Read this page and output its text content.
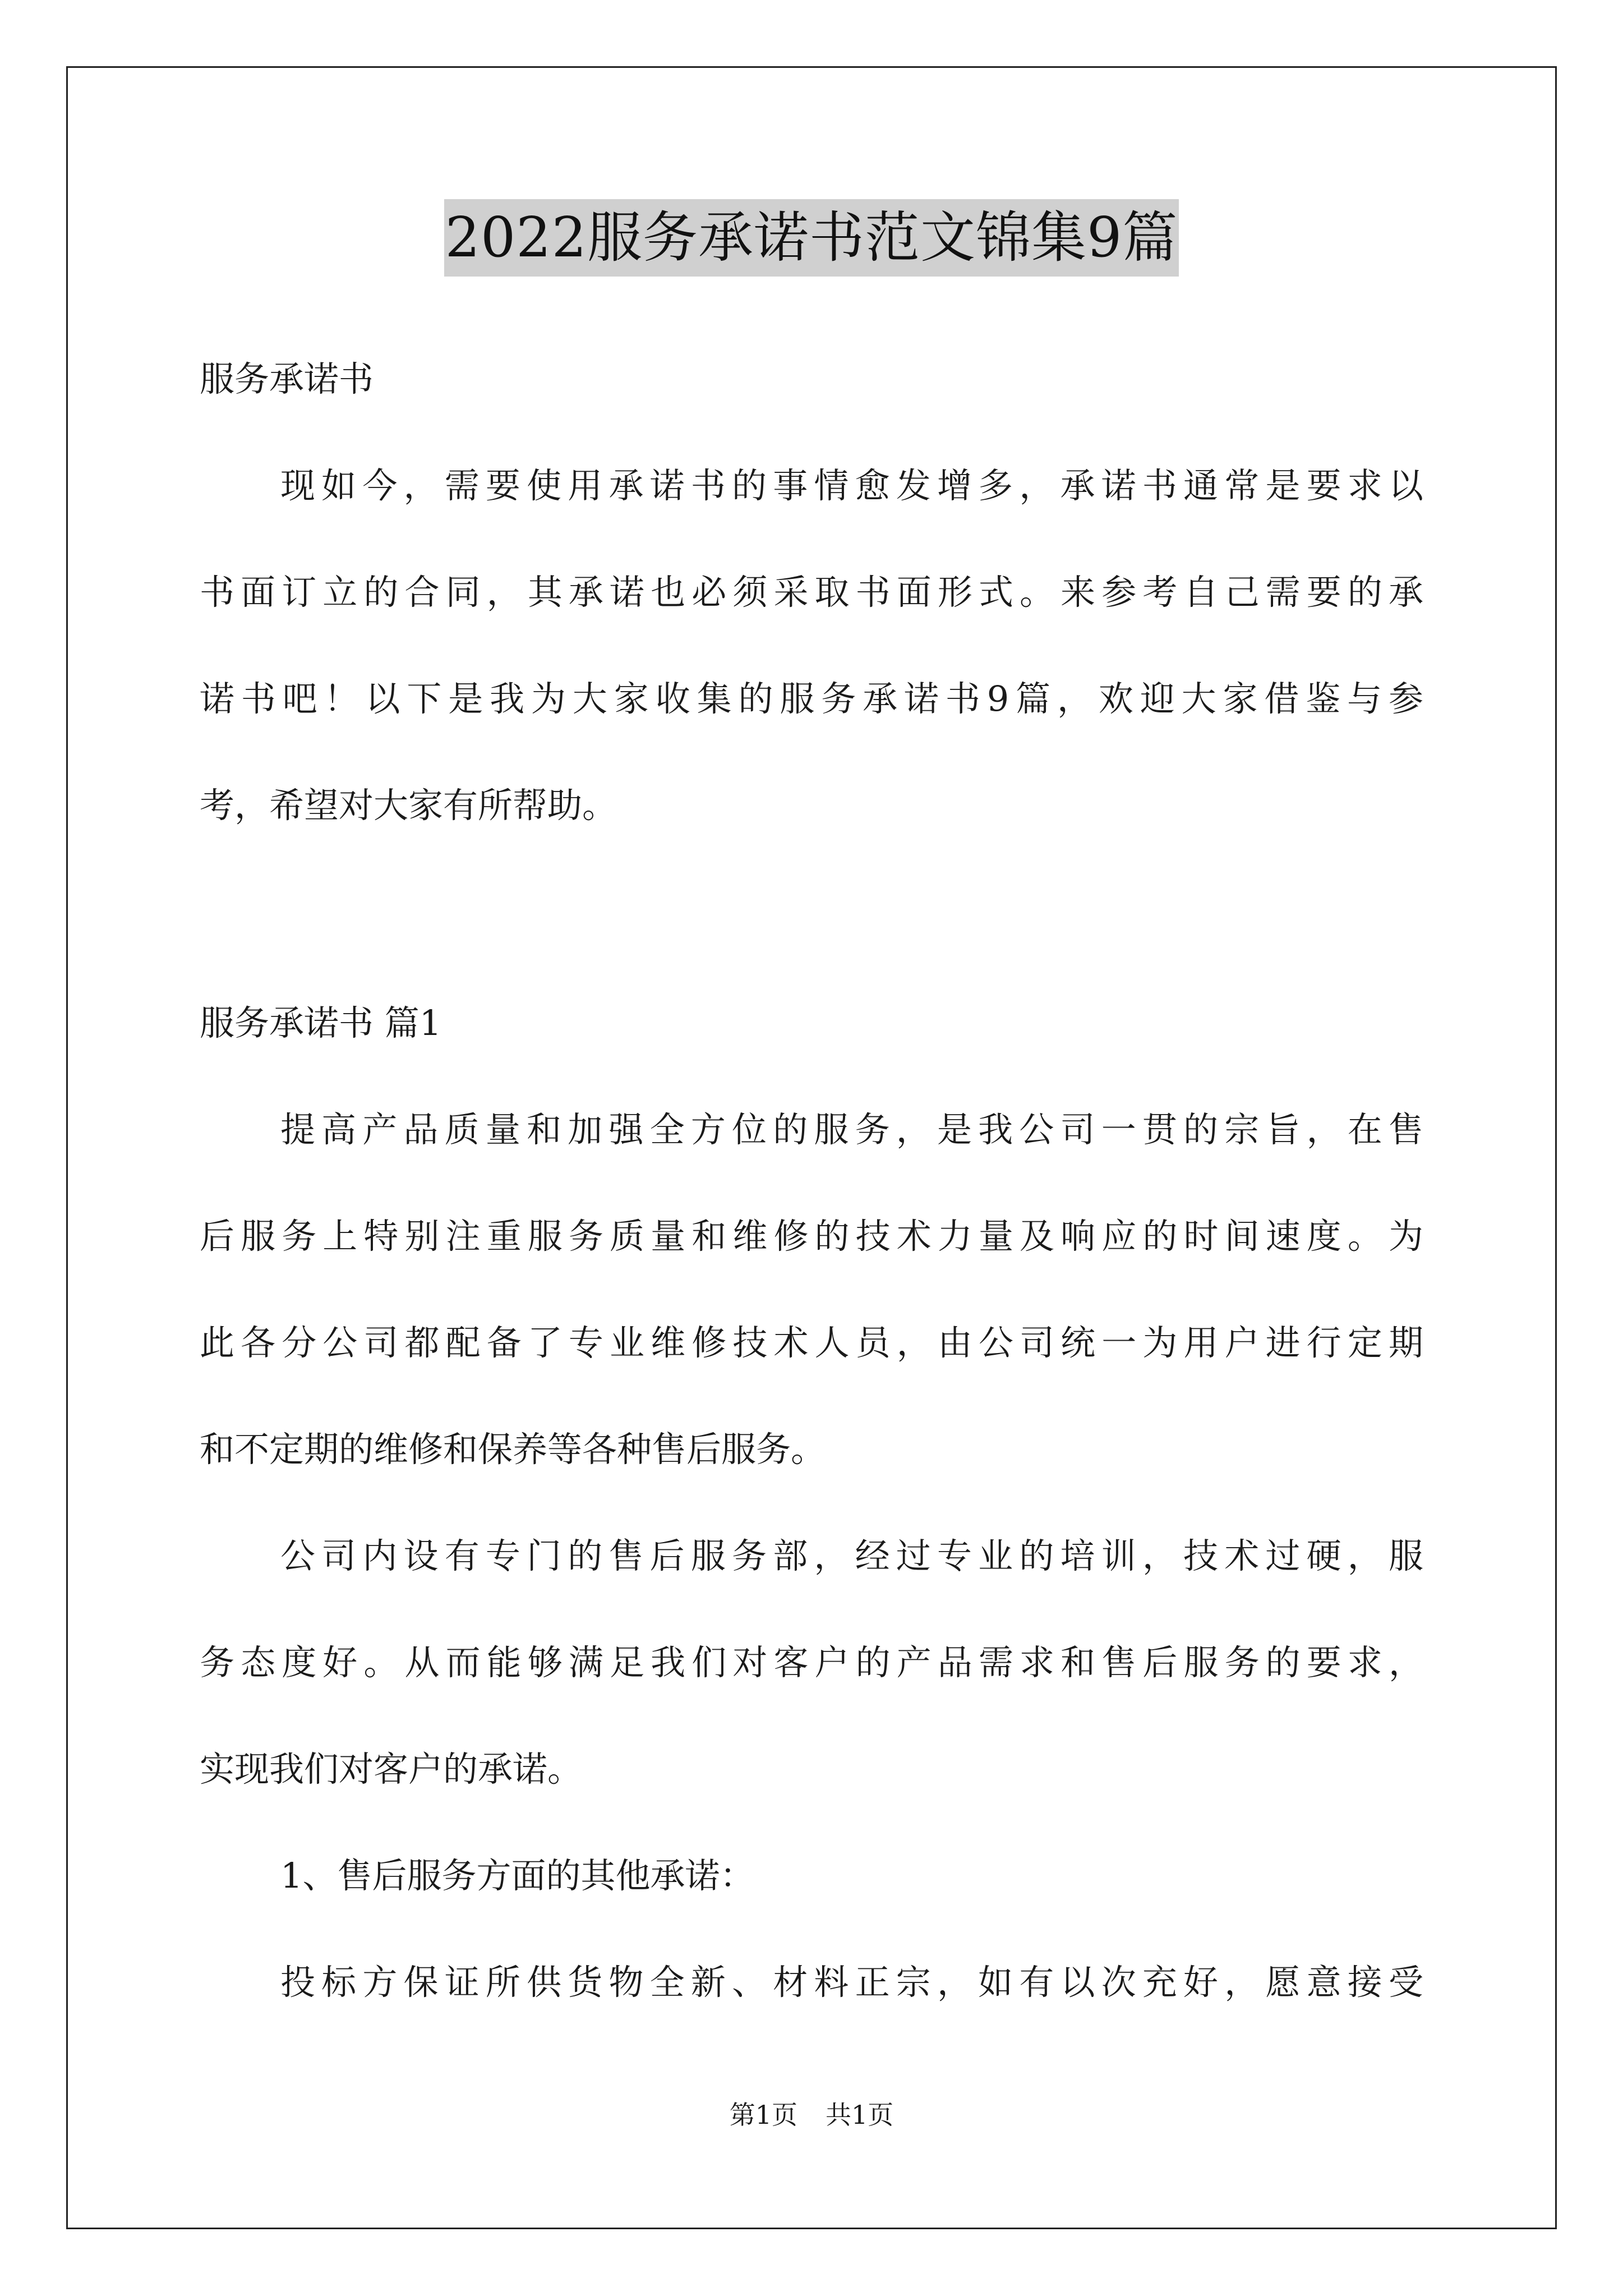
2022服务承诺书范文锦集9篇
服务承诺书
现如今，需要使用承诺书的事情愈发增多，承诺书通常是要求以
书面订立的合同，其承诺也必须采取书面形式。来参考自己需要的承
诺书吧！以下是我为大家收集的服务承诺书9篇，欢迎大家借鉴与参
考，希望对大家有所帮助。
服务承诺书 篇1
提高产品质量和加强全方位的服务，是我公司一贯的宗旨，在售
后服务上特别注重服务质量和维修的技术力量及响应的时间速度。为
此各分公司都配备了专业维修技术人员，由公司统一为用户进行定期
和不定期的维修和保养等各种售后服务。
公司内设有专门的售后服务部，经过专业的培训，技术过硬，服
务态度好。从而能够满足我们对客户的产品需求和售后服务的要求，
实现我们对客户的承诺。
1、售后服务方面的其他承诺：
投标方保证所供货物全新、材料正宗，如有以次充好，愿意接受
第1页 共1页
